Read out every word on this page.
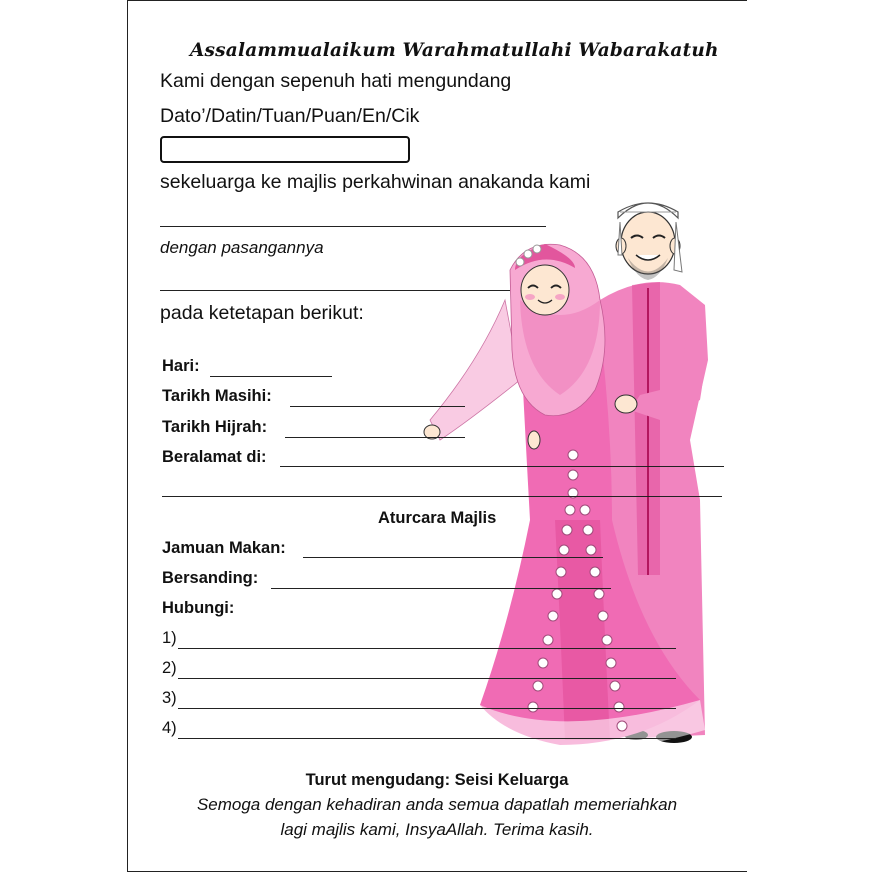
Assalammualaikum Warahmatullahi Wabarakatuh
Kami dengan sepenuh hati mengundang
Dato’/Datin/Tuan/Puan/En/Cik
sekeluarga ke majlis perkahwinan anakanda kami
dengan pasangannya
pada ketetapan berikut:
Hari:
Tarikh Masihi:
Tarikh Hijrah:
Beralamat di:
Aturcara Majlis
Jamuan Makan:
Bersanding:
Hubungi:
1)
2)
3)
4)
Turut mengudang: Seisi Keluarga
Semoga dengan kehadiran anda semua dapatlah memeriahkan
lagi majlis kami, InsyaAllah. Terima kasih.
